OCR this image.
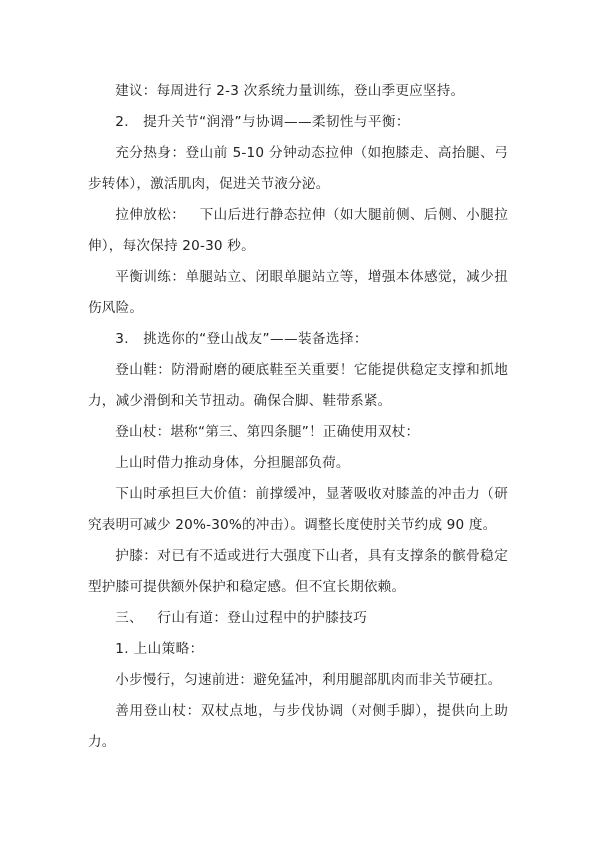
建议：每周进行 2-3 次系统力量训练，登山季更应坚持。

2.   提升关节“润滑”与协调——柔韧性与平衡：

充分热身：登山前 5-10 分钟动态拉伸（如抱膝走、高抬腿、弓步转体），激活肌肉，促进关节液分泌。

拉伸放松：   下山后进行静态拉伸（如大腿前侧、后侧、小腿拉伸），每次保持 20-30 秒。

平衡训练：单腿站立、闭眼单腿站立等，增强本体感觉，减少扭伤风险。

3.   挑选你的“登山战友”——装备选择：

登山鞋：防滑耐磨的硬底鞋至关重要！它能提供稳定支撑和抓地力，减少滑倒和关节扭动。确保合脚、鞋带系紧。

登山杖：堪称“第三、第四条腿”！正确使用双杖：

上山时借力推动身体，分担腿部负荷。

下山时承担巨大价值：前撑缓冲，显著吸收对膝盖的冲击力（研究表明可减少 20%-30%的冲击）。调整长度使肘关节约成 90 度。

护膝：对已有不适或进行大强度下山者，具有支撑条的髌骨稳定型护膝可提供额外保护和稳定感。但不宜长期依赖。

三、   行山有道：登山过程中的护膝技巧

1. 上山策略：

小步慢行，匀速前进：避免猛冲，利用腿部肌肉而非关节硬扛。

善用登山杖：双杖点地，与步伐协调（对侧手脚），提供向上助力。
